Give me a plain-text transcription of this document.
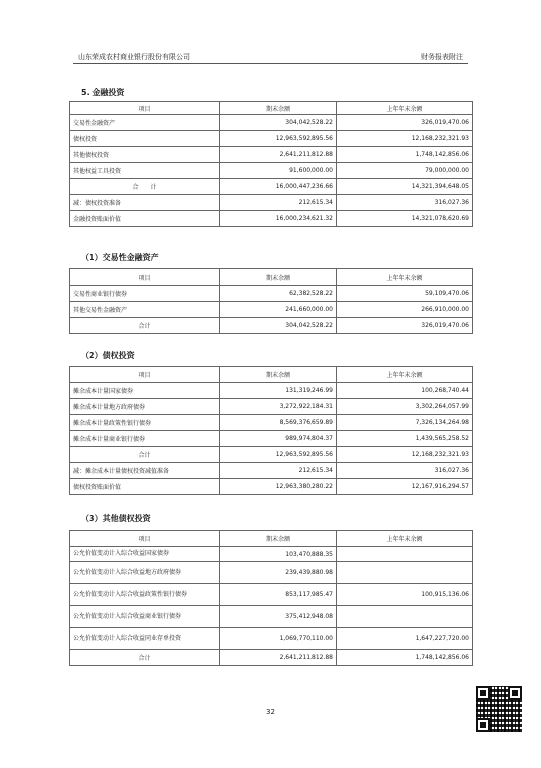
山东荣成农村商业银行股份有限公司	财务报表附注
5. 金融投资
项目	期末余额	上年年末余额
交易性金融资产	304,042,528.22	326,019,470.06
债权投资	12,963,592,895.56	12,168,232,321.93
其他债权投资	2,641,211,812.88	1,748,142,856.06
其他权益工具投资	91,600,000.00	79,000,000.00
合　　计	16,000,447,236.66	14,321,394,648.05
减：债权投资准备	212,615.34	316,027.36
金融投资账面价值	16,000,234,621.32	14,321,078,620.69
（1）交易性金融资产
项目	期末余额	上年年末余额
交易性商业银行债券	62,382,528.22	59,109,470.06
其他交易性金融资产	241,660,000.00	266,910,000.00
合计	304,042,528.22	326,019,470.06
（2）债权投资
项目	期末余额	上年年末余额
摊余成本计量国家债券	131,319,246.99	100,268,740.44
摊余成本计量地方政府债券	3,272,922,184.31	3,302,264,057.99
摊余成本计量政策性银行债券	8,569,376,659.89	7,326,134,264.98
摊余成本计量商业银行债券	989,974,804.37	1,439,565,258.52
合计	12,963,592,895.56	12,168,232,321.93
减：摊余成本计量债权投资减值准备	212,615.34	316,027.36
债权投资账面价值	12,963,380,280.22	12,167,916,294.57
（3）其他债权投资
项目	期末余额	上年年末余额
公允价值变动计入综合收益国家债券	103,470,888.35	
公允价值变动计入综合收益地方政府债券	239,439,880.98	
公允价值变动计入综合收益政策性银行债券	853,117,985.47	100,915,136.06
公允价值变动计入综合收益商业银行债券	375,412,948.08	
公允价值变动计入综合收益同业存单投资	1,069,770,110.00	1,647,227,720.00
合计	2,641,211,812.88	1,748,142,856.06
32
